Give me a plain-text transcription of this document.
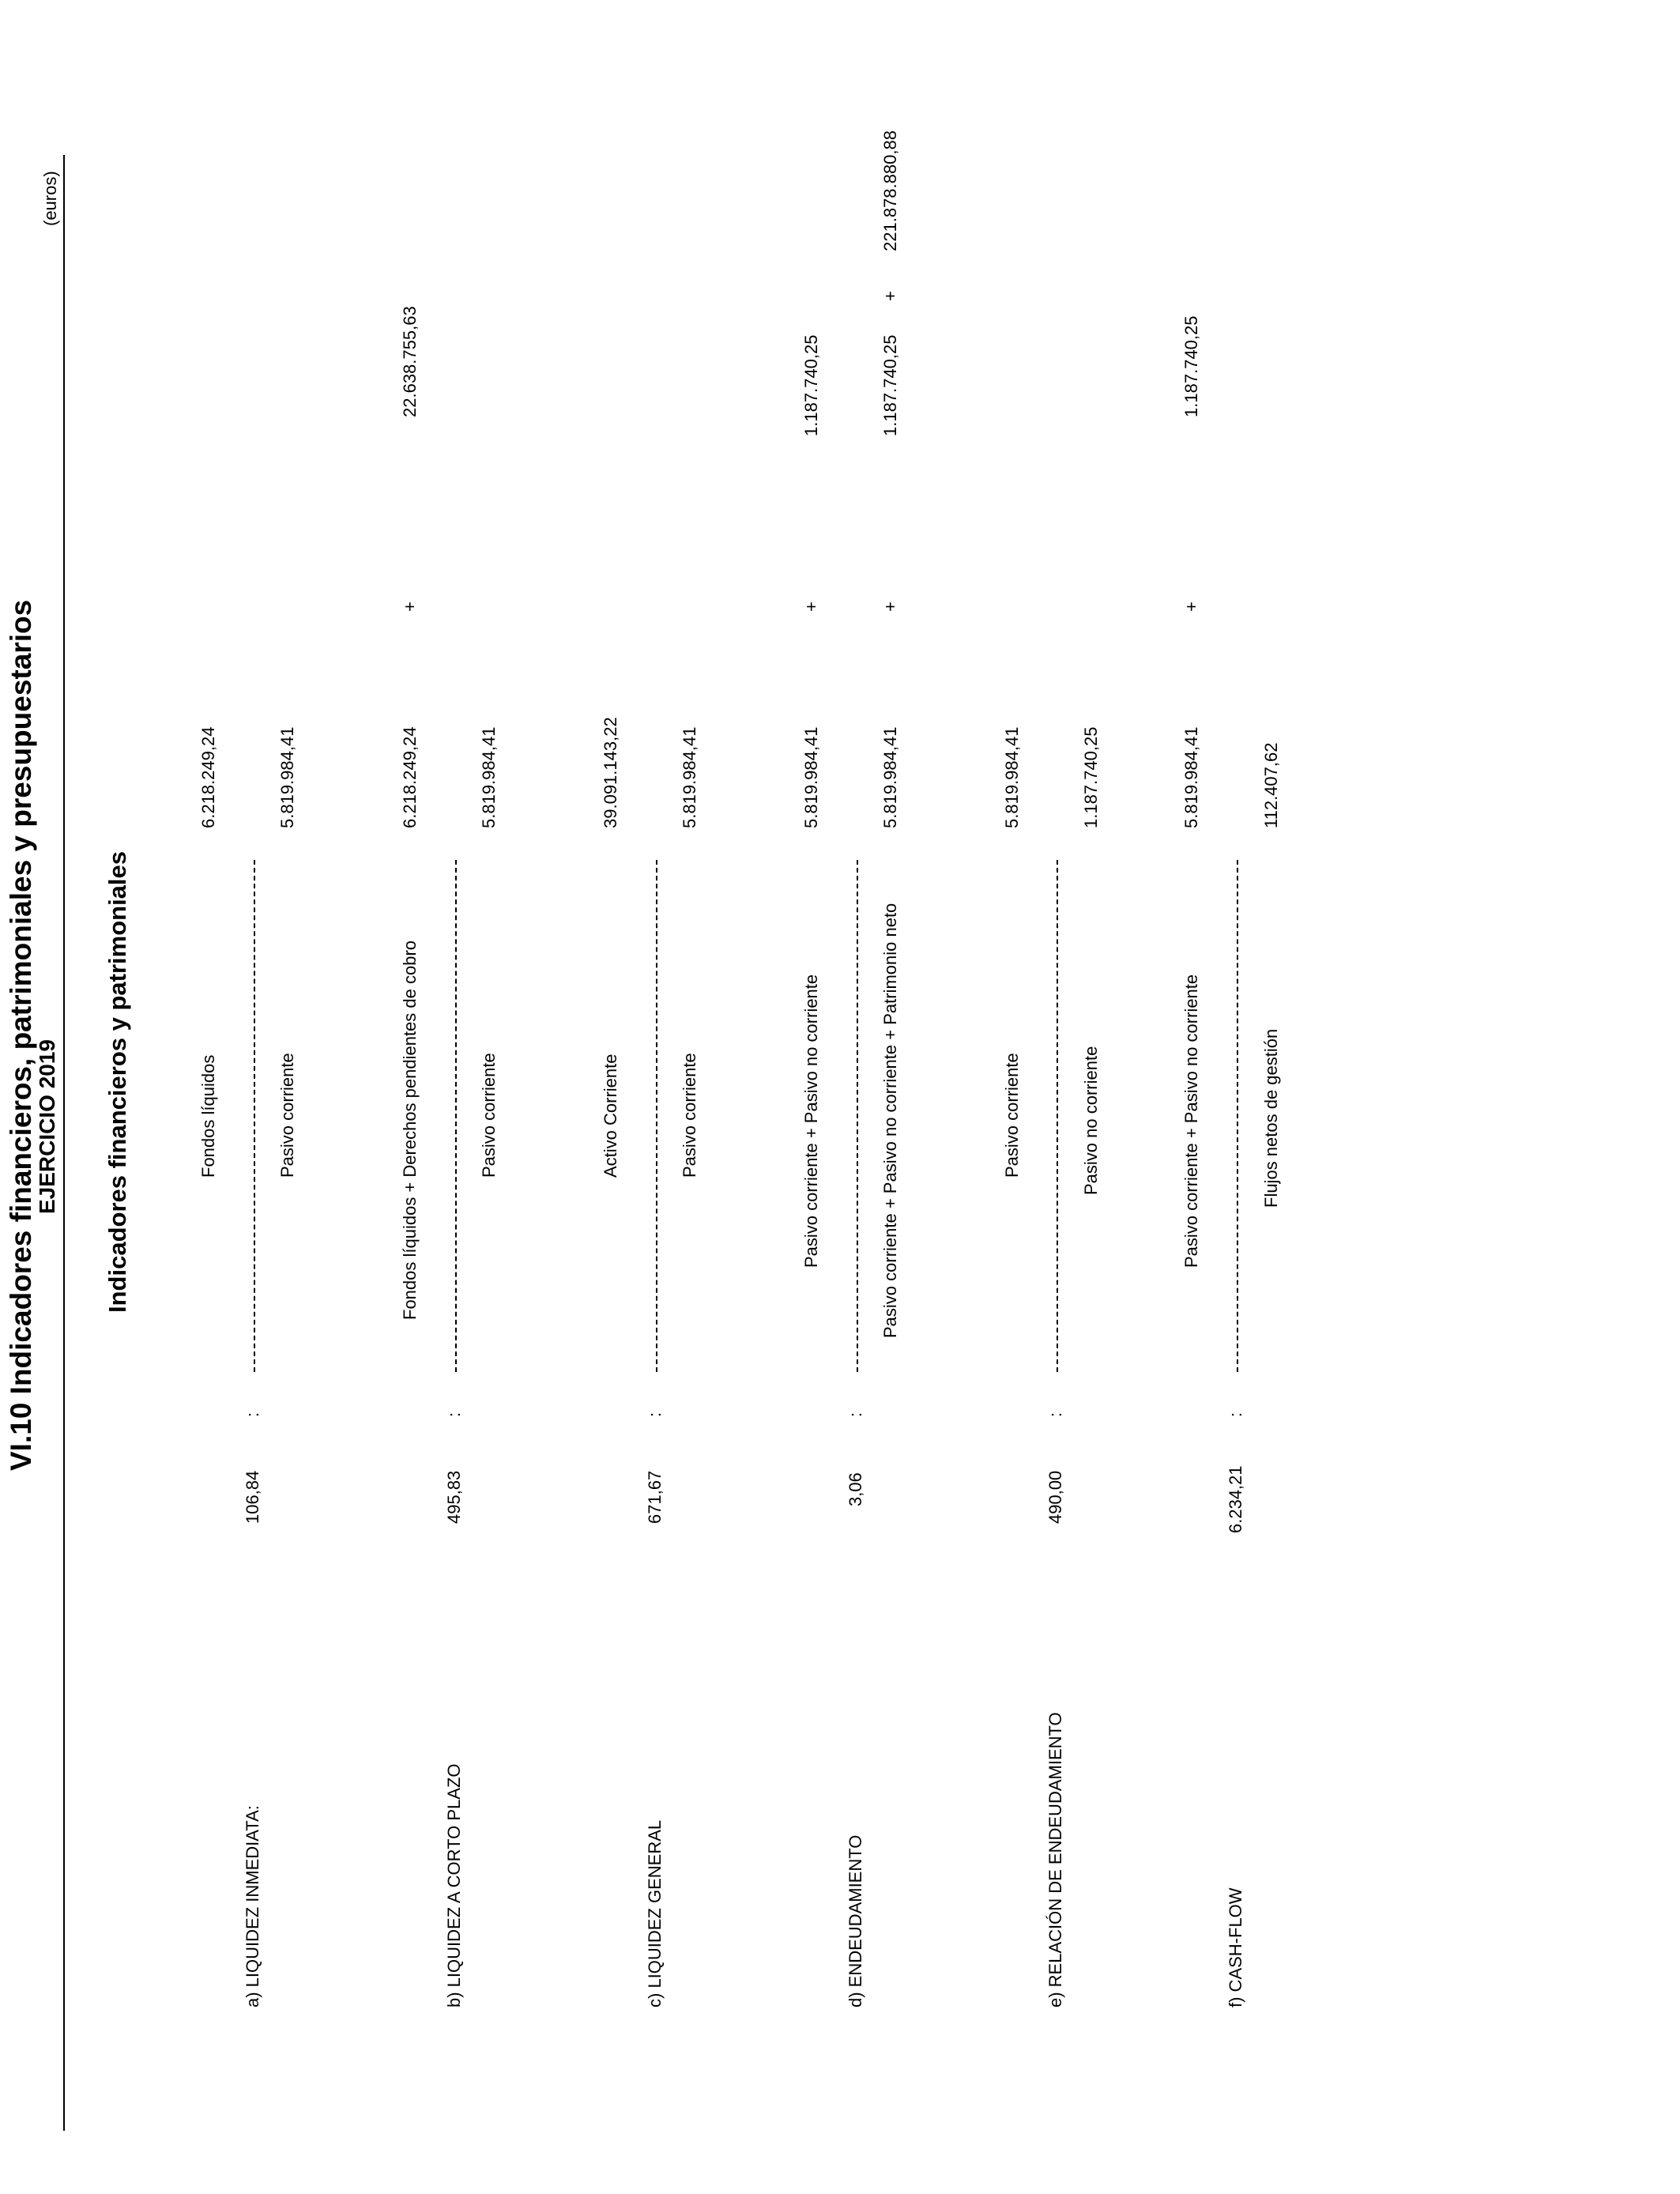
VI.10 Indicadores financieros, patrimoniales y presupuestarios
EJERCICIO 2019
(euros)
Indicadores financieros y patrimoniales
a) LIQUIDEZ INMEDIATA:
106,84
:
Fondos líquidos
6.218.249,24
Pasivo corriente
5.819.984,41
b) LIQUIDEZ A CORTO PLAZO
495,83
:
Fondos líquidos + Derechos pendientes de cobro
6.218.249,24
+
22.638.755,63
Pasivo corriente
5.819.984,41
c) LIQUIDEZ GENERAL
671,67
:
Activo Corriente
39.091.143,22
Pasivo corriente
5.819.984,41
d) ENDEUDAMIENTO
3,06
:
Pasivo corriente + Pasivo no corriente
5.819.984,41
+
1.187.740,25
Pasivo corriente + Pasivo no corriente + Patrimonio neto
5.819.984,41
+
1.187.740,25
+
221.878.880,88
e) RELACIÓN DE ENDEUDAMIENTO
490,00
:
Pasivo corriente
5.819.984,41
Pasivo no corriente
1.187.740,25
f) CASH-FLOW
6.234,21
:
Pasivo corriente + Pasivo no corriente
5.819.984,41
+
1.187.740,25
Flujos netos de gestión
112.407,62
